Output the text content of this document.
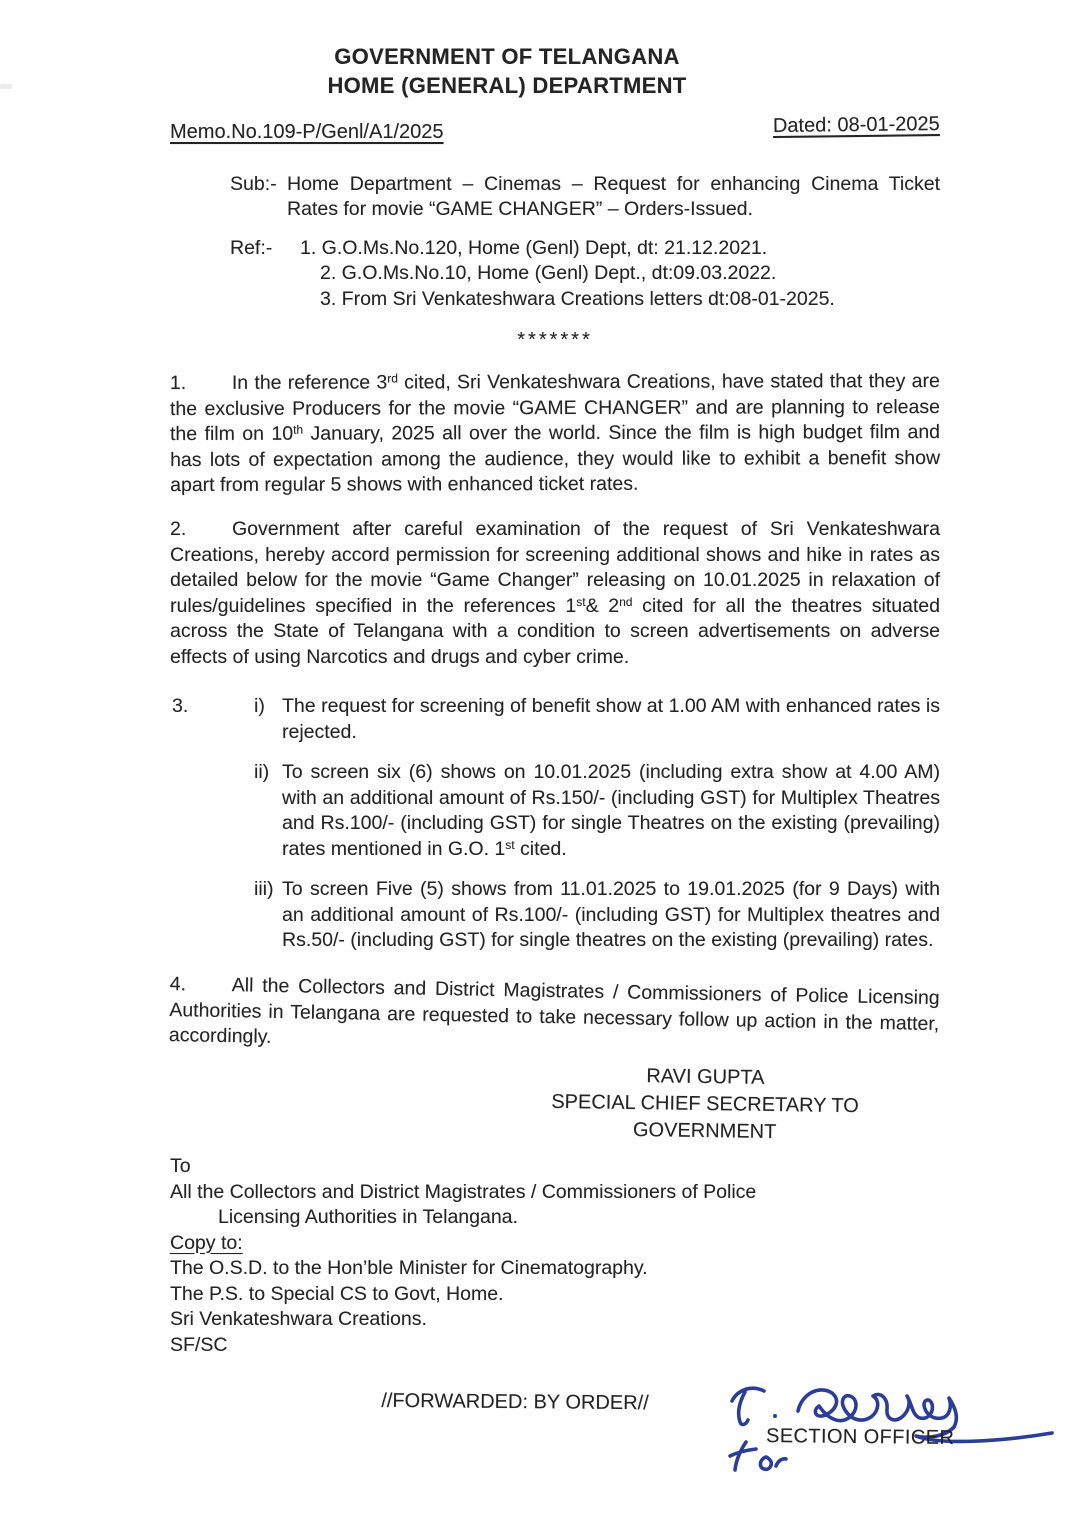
GOVERNMENT OF TELANGANA
HOME (GENERAL) DEPARTMENT
Memo.No.109-P/Genl/A1/2025	Dated: 08-01-2025
Sub:- Home Department – Cinemas – Request for enhancing Cinema Ticket Rates for movie “GAME CHANGER” – Orders-Issued.
Ref:-	1. G.O.Ms.No.120, Home (Genl) Dept, dt: 21.12.2021.
2. G.O.Ms.No.10, Home (Genl) Dept., dt:09.03.2022.
3. From Sri Venkateshwara Creations letters dt:08-01-2025.
*******
1. In the reference 3rd cited, Sri Venkateshwara Creations, have stated that they are the exclusive Producers for the movie “GAME CHANGER” and are planning to release the film on 10th January, 2025 all over the world. Since the film is high budget film and has lots of expectation among the audience, they would like to exhibit a benefit show apart from regular 5 shows with enhanced ticket rates.
2. Government after careful examination of the request of Sri Venkateshwara Creations, hereby accord permission for screening additional shows and hike in rates as detailed below for the movie “Game Changer” releasing on 10.01.2025 in relaxation of rules/guidelines specified in the references 1st& 2nd cited for all the theatres situated across the State of Telangana with a condition to screen advertisements on adverse effects of using Narcotics and drugs and cyber crime.
3.	i) The request for screening of benefit show at 1.00 AM with enhanced rates is rejected.
ii) To screen six (6) shows on 10.01.2025 (including extra show at 4.00 AM) with an additional amount of Rs.150/- (including GST) for Multiplex Theatres and Rs.100/- (including GST) for single Theatres on the existing (prevailing) rates mentioned in G.O. 1st cited.
iii) To screen Five (5) shows from 11.01.2025 to 19.01.2025 (for 9 Days) with an additional amount of Rs.100/- (including GST) for Multiplex theatres and Rs.50/- (including GST) for single theatres on the existing (prevailing) rates.
4. All the Collectors and District Magistrates / Commissioners of Police Licensing Authorities in Telangana are requested to take necessary follow up action in the matter, accordingly.
RAVI GUPTA
SPECIAL CHIEF SECRETARY TO GOVERNMENT
To
All the Collectors and District Magistrates / Commissioners of Police
Licensing Authorities in Telangana.
Copy to:
The O.S.D. to the Hon’ble Minister for Cinematography.
The P.S. to Special CS to Govt, Home.
Sri Venkateshwara Creations.
SF/SC
//FORWARDED: BY ORDER//
SECTION OFFICER
